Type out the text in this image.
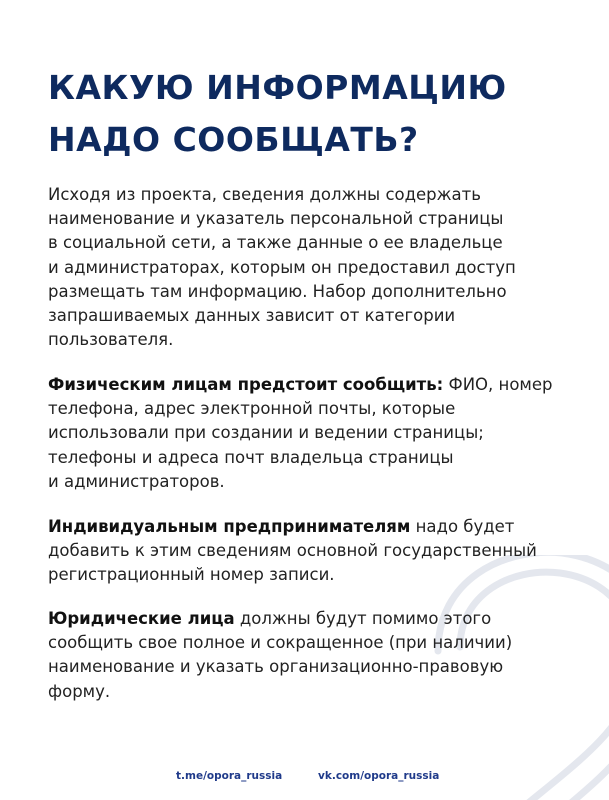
КАКУЮ ИНФОРМАЦИЮ
НАДО СООБЩАТЬ?

Исходя из проекта, сведения должны содержать
наименование и указатель персональной страницы
в социальной сети, а также данные о ее владельце
и администраторах, которым он предоставил доступ
размещать там информацию. Набор дополнительно
запрашиваемых данных зависит от категории
пользователя.

Физическим лицам предстоит сообщить: ФИО, номер
телефона, адрес электронной почты, которые
использовали при создании и ведении страницы;
телефоны и адреса почт владельца страницы
и администраторов.

Индивидуальным предпринимателям надо будет
добавить к этим сведениям основной государственный
регистрационный номер записи.

Юридические лица должны будут помимо этого
сообщить свое полное и сокращенное (при наличии)
наименование и указать организационно-правовую
форму.

t.me/opora_russia	vk.com/opora_russia
